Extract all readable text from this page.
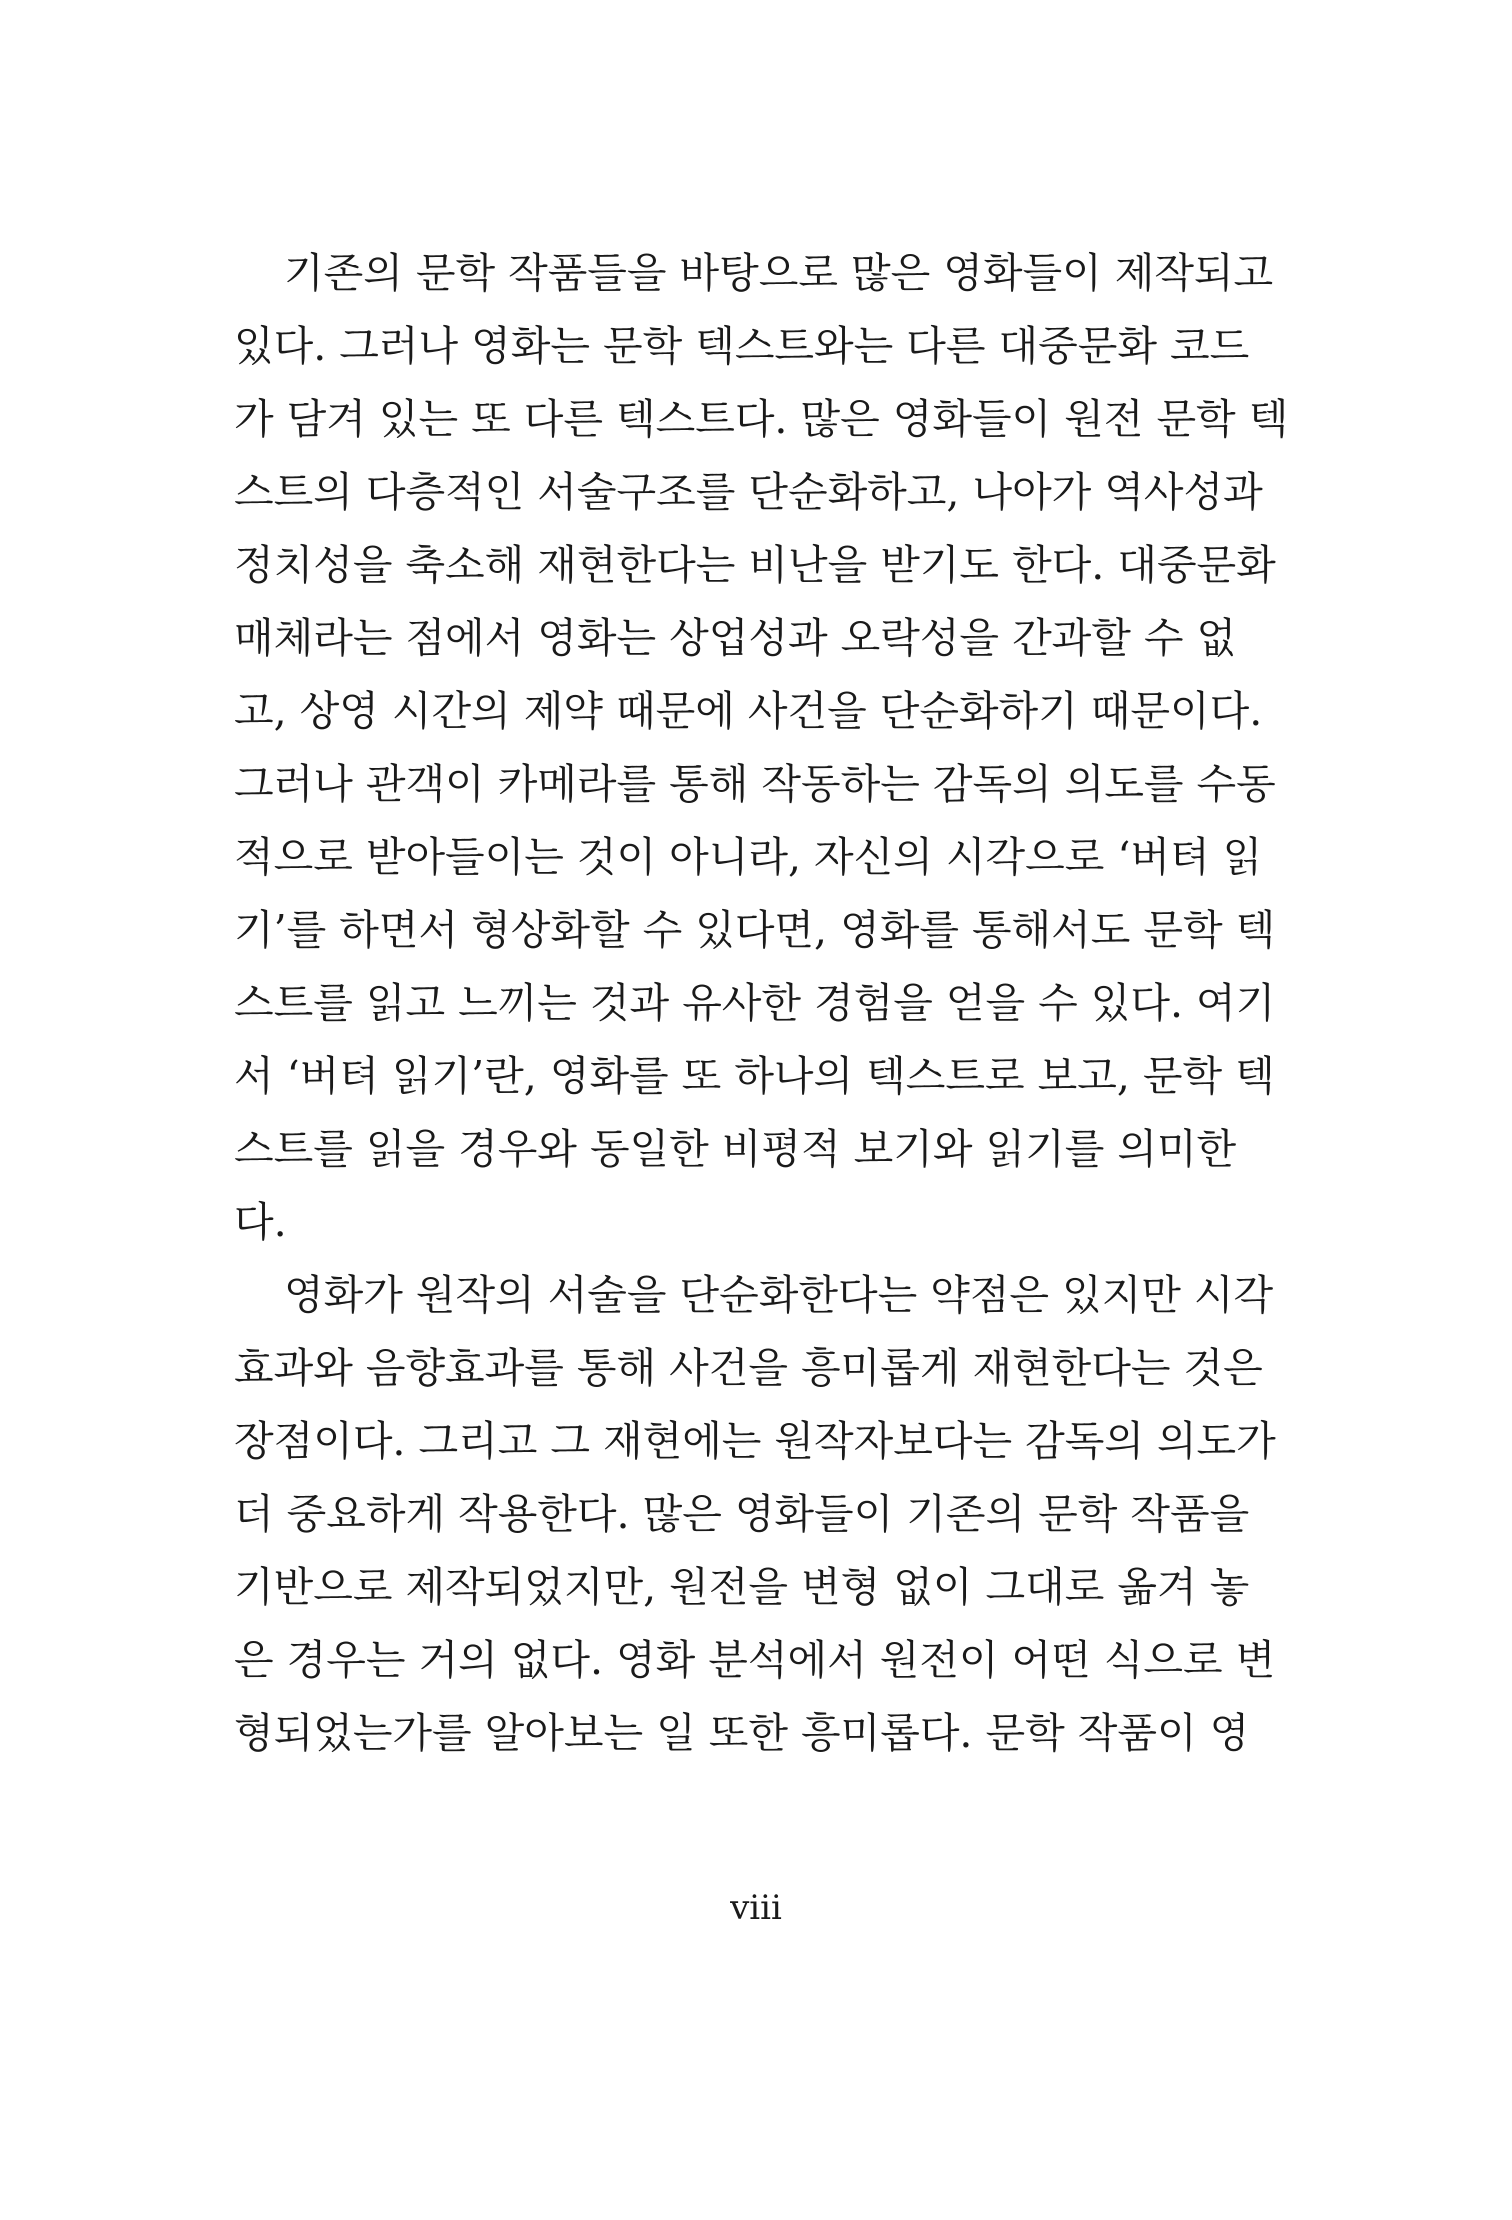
기존의 문학 작품들을 바탕으로 많은 영화들이 제작되고
있다. 그러나 영화는 문학 텍스트와는 다른 대중문화 코드
가 담겨 있는 또 다른 텍스트다. 많은 영화들이 원전 문학 텍
스트의 다층적인 서술구조를 단순화하고, 나아가 역사성과
정치성을 축소해 재현한다는 비난을 받기도 한다. 대중문화
매체라는 점에서 영화는 상업성과 오락성을 간과할 수 없
고, 상영 시간의 제약 때문에 사건을 단순화하기 때문이다.
그러나 관객이 카메라를 통해 작동하는 감독의 의도를 수동
적으로 받아들이는 것이 아니라, 자신의 시각으로 ‘버텨 읽
기’를 하면서 형상화할 수 있다면, 영화를 통해서도 문학 텍
스트를 읽고 느끼는 것과 유사한 경험을 얻을 수 있다. 여기
서 ‘버텨 읽기’란, 영화를 또 하나의 텍스트로 보고, 문학 텍
스트를 읽을 경우와 동일한 비평적 보기와 읽기를 의미한
다.
영화가 원작의 서술을 단순화한다는 약점은 있지만 시각
효과와 음향효과를 통해 사건을 흥미롭게 재현한다는 것은
장점이다. 그리고 그 재현에는 원작자보다는 감독의 의도가
더 중요하게 작용한다. 많은 영화들이 기존의 문학 작품을
기반으로 제작되었지만, 원전을 변형 없이 그대로 옮겨 놓
은 경우는 거의 없다. 영화 분석에서 원전이 어떤 식으로 변
형되었는가를 알아보는 일 또한 흥미롭다. 문학 작품이 영
viii
